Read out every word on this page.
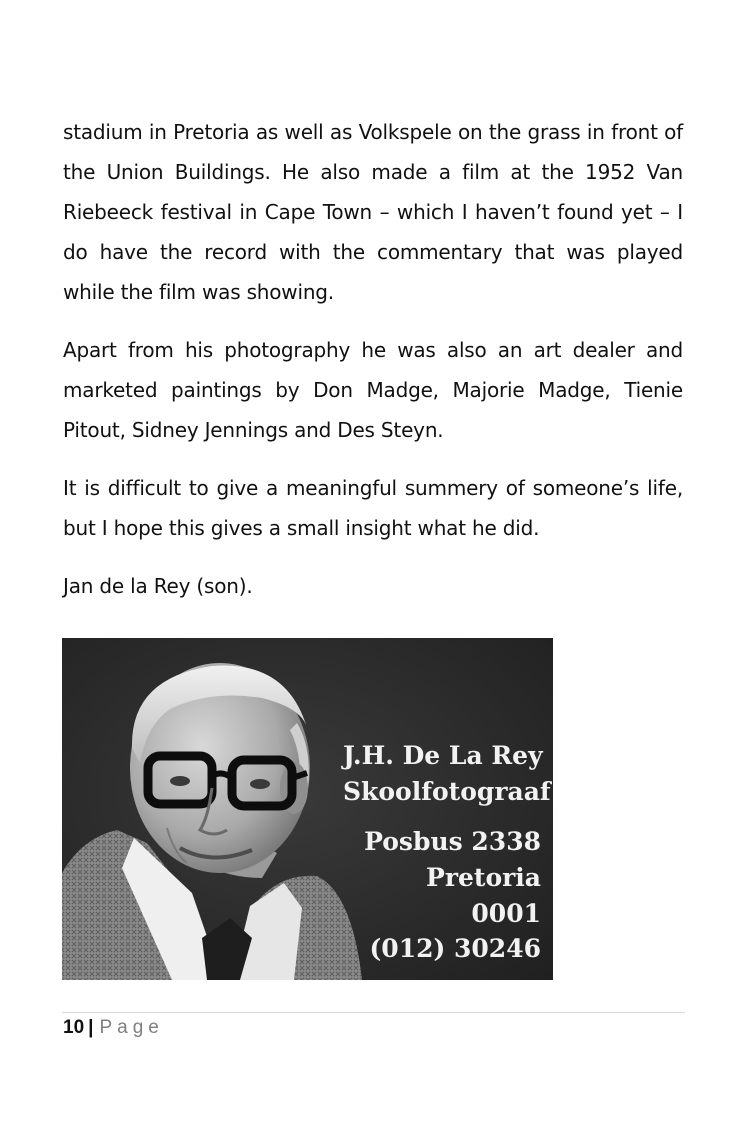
stadium in Pretoria as well as Volkspele on the grass in front of the Union Buildings. He also made a film at the 1952 Van Riebeeck festival in Cape Town – which I haven’t found yet – I do have the record with the commentary that was played while the film was showing.

Apart from his photography he was also an art dealer and marketed paintings by Don Madge, Majorie Madge, Tienie Pitout, Sidney Jennings and Des Steyn.

It is difficult to give a meaningful summery of someone’s life, but I hope this gives a small insight what he did.

Jan de la Rey (son).

J.H. De La Rey
Skoolfotograaf
Posbus 2338
Pretoria
0001
(012) 30246
10 | Page
